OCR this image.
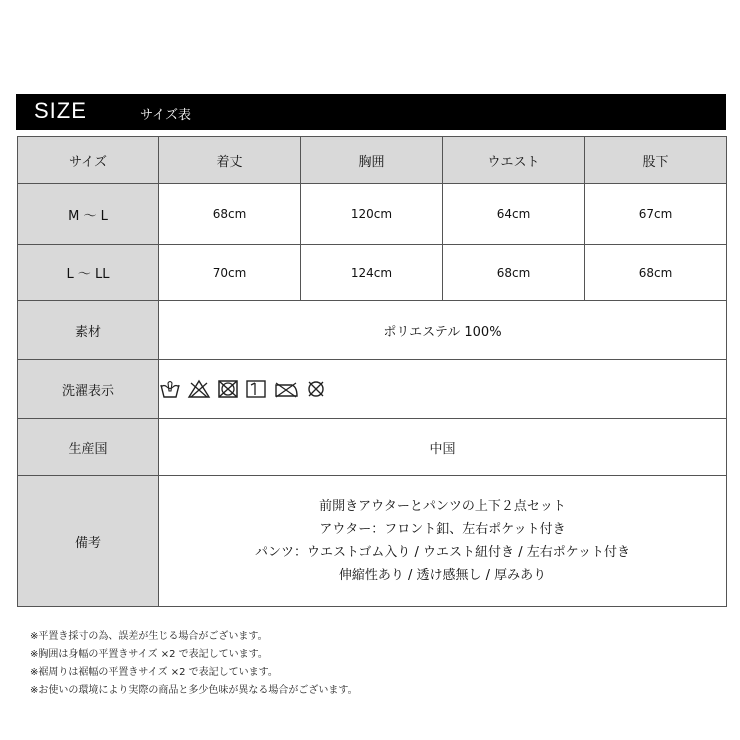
SIZE	サイズ表
サイズ	着丈	胸囲	ウエスト	股下
M ～ L	68cm	120cm	64cm	67cm
L ～ LL	70cm	124cm	68cm	68cm
素材	ポリエステル 100%			
洗濯表示	

生産国	中国			
備考	前開きアウターとパンツの上下２点セット
アウター：フロント釦、左右ポケット付き
パンツ：ウエストゴム入り / ウエスト紐付き / 左右ポケット付き
伸縮性あり / 透け感無し / 厚みあり			
※平置き採寸の為、誤差が生じる場合がございます。
※胸囲は身幅の平置きサイズ ×2 で表記しています。
※裾周りは裾幅の平置きサイズ ×2 で表記しています。
※お使いの環境により実際の商品と多少色味が異なる場合がございます。
